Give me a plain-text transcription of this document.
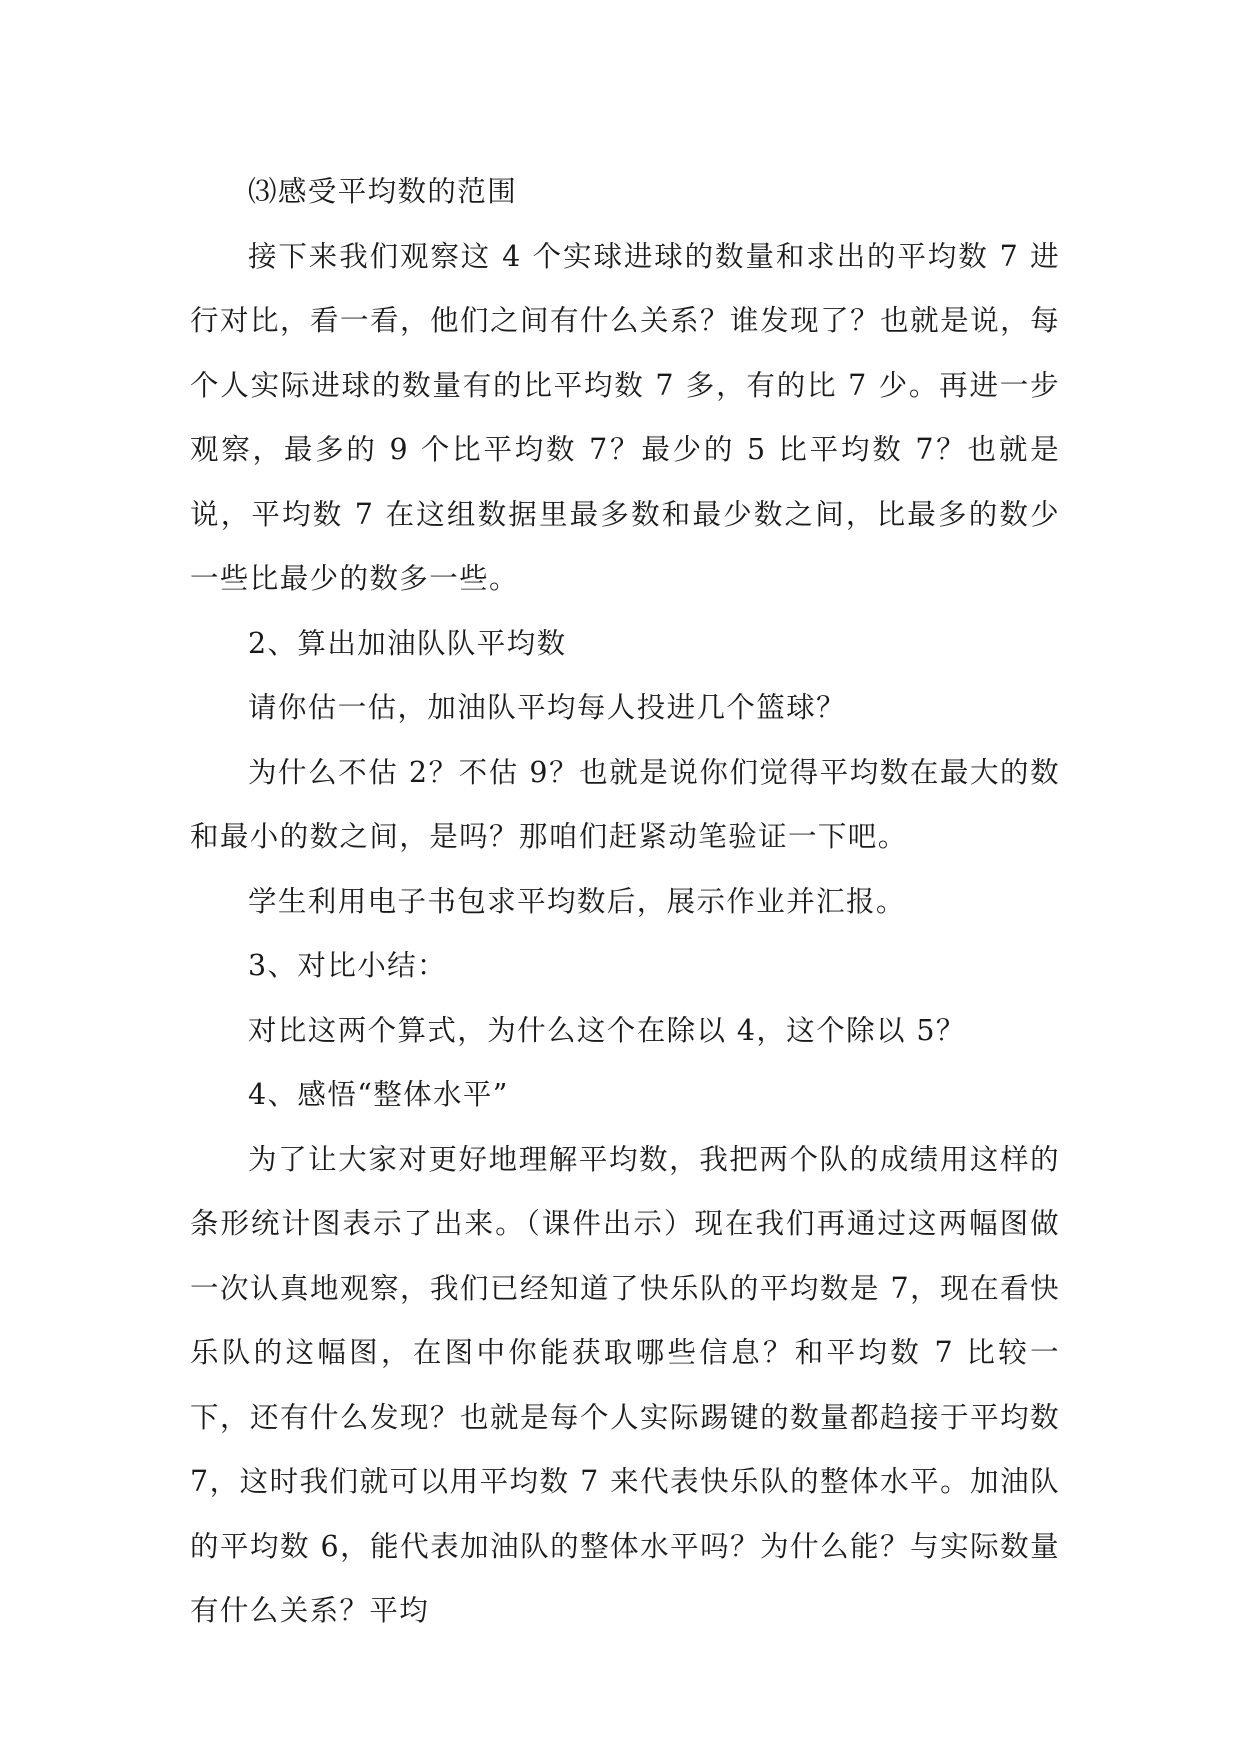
⑶感受平均数的范围

接下来我们观察这 4 个实球进球的数量和求出的平均数 7 进行对比，看一看，他们之间有什么关系？谁发现了？也就是说，每个人实际进球的数量有的比平均数 7 多，有的比 7 少。再进一步观察，最多的 9 个比平均数 7？最少的 5 比平均数 7？也就是说，平均数 7 在这组数据里最多数和最少数之间，比最多的数少一些比最少的数多一些。

2、算出加油队队平均数

请你估一估，加油队平均每人投进几个篮球？

为什么不估 2？不估 9？也就是说你们觉得平均数在最大的数和最小的数之间，是吗？那咱们赶紧动笔验证一下吧。

学生利用电子书包求平均数后，展示作业并汇报。

3、对比小结：

对比这两个算式，为什么这个在除以 4，这个除以 5？

4、感悟“整体水平”

为了让大家对更好地理解平均数，我把两个队的成绩用这样的条形统计图表示了出来。（课件出示）现在我们再通过这两幅图做一次认真地观察，我们已经知道了快乐队的平均数是 7，现在看快乐队的这幅图，在图中你能获取哪些信息？和平均数 7 比较一下，还有什么发现？也就是每个人实际踢键的数量都趋接于平均数 7，这时我们就可以用平均数 7 来代表快乐队的整体水平。加油队的平均数 6，能代表加油队的整体水平吗？为什么能？与实际数量有什么关系？平均
